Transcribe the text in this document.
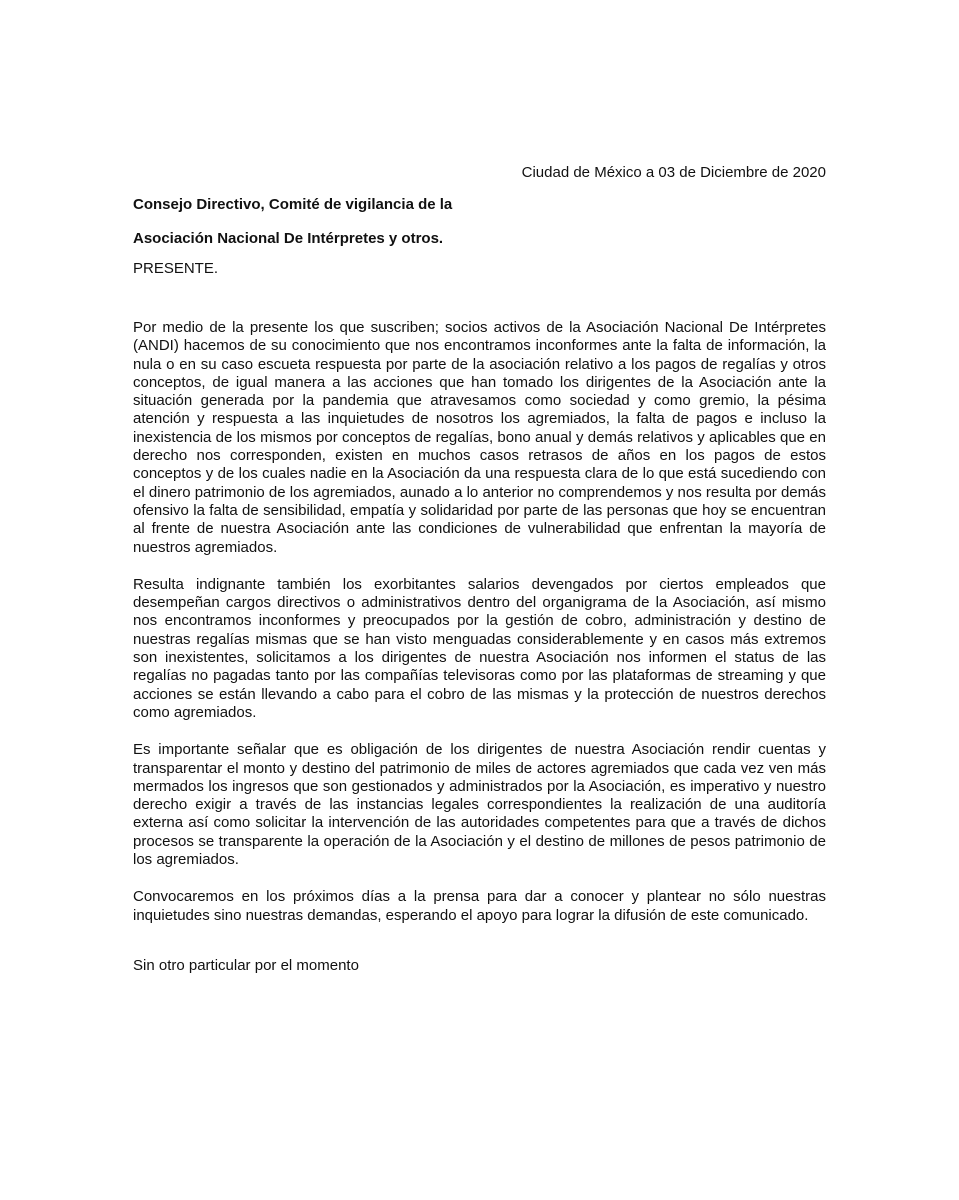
Ciudad de México a 03 de Diciembre de 2020
Consejo Directivo, Comité de vigilancia de la
Asociación Nacional De Intérpretes y otros.
PRESENTE.

Por medio de la presente los que suscriben; socios activos de la Asociación Nacional De Intérpretes (ANDI) hacemos de su conocimiento que nos encontramos inconformes ante la falta de información, la nula o en su caso escueta respuesta por parte de la asociación relativo a los pagos de regalías y otros conceptos, de igual manera a las acciones que han tomado los dirigentes de la Asociación ante la situación generada por la pandemia que atravesamos como sociedad y como gremio, la pésima atención y respuesta a las inquietudes de nosotros los agremiados, la falta de pagos e incluso la inexistencia de los mismos por conceptos de regalías, bono anual y demás relativos y aplicables que en derecho nos corresponden, existen en muchos casos retrasos de años en los pagos de estos conceptos y de los cuales nadie en la Asociación da una respuesta clara de lo que está sucediendo con el dinero patrimonio de los agremiados, aunado a lo anterior no comprendemos y nos resulta por demás ofensivo la falta de sensibilidad, empatía y solidaridad por parte de las personas que hoy se encuentran al frente de nuestra Asociación ante las condiciones de vulnerabilidad que enfrentan la mayoría de nuestros agremiados.

Resulta indignante también los exorbitantes salarios devengados por ciertos empleados que desempeñan cargos directivos o administrativos dentro del organigrama de la Asociación, así mismo nos encontramos inconformes y preocupados por la gestión de cobro, administración y destino de nuestras regalías mismas que se han visto menguadas considerablemente y en casos más extremos son inexistentes, solicitamos a los dirigentes de nuestra Asociación nos informen el status de las regalías no pagadas tanto por las compañías televisoras como por las plataformas de streaming y que acciones se están llevando a cabo para el cobro de las mismas y la protección de nuestros derechos como agremiados.

Es importante señalar que es obligación de los dirigentes de nuestra Asociación rendir cuentas y transparentar el monto y destino del patrimonio de miles de actores agremiados que cada vez ven más mermados los ingresos que son gestionados y administrados por la Asociación, es imperativo y nuestro derecho exigir a través de las instancias legales correspondientes la realización de una auditoría externa así como solicitar la intervención de las autoridades competentes para que a través de dichos procesos se transparente la operación de la Asociación y el destino de millones de pesos patrimonio de los agremiados.

Convocaremos en los próximos días a la prensa para dar a conocer y plantear no sólo nuestras inquietudes sino nuestras demandas, esperando el apoyo para lograr la difusión de este comunicado.

Sin otro particular por el momento
